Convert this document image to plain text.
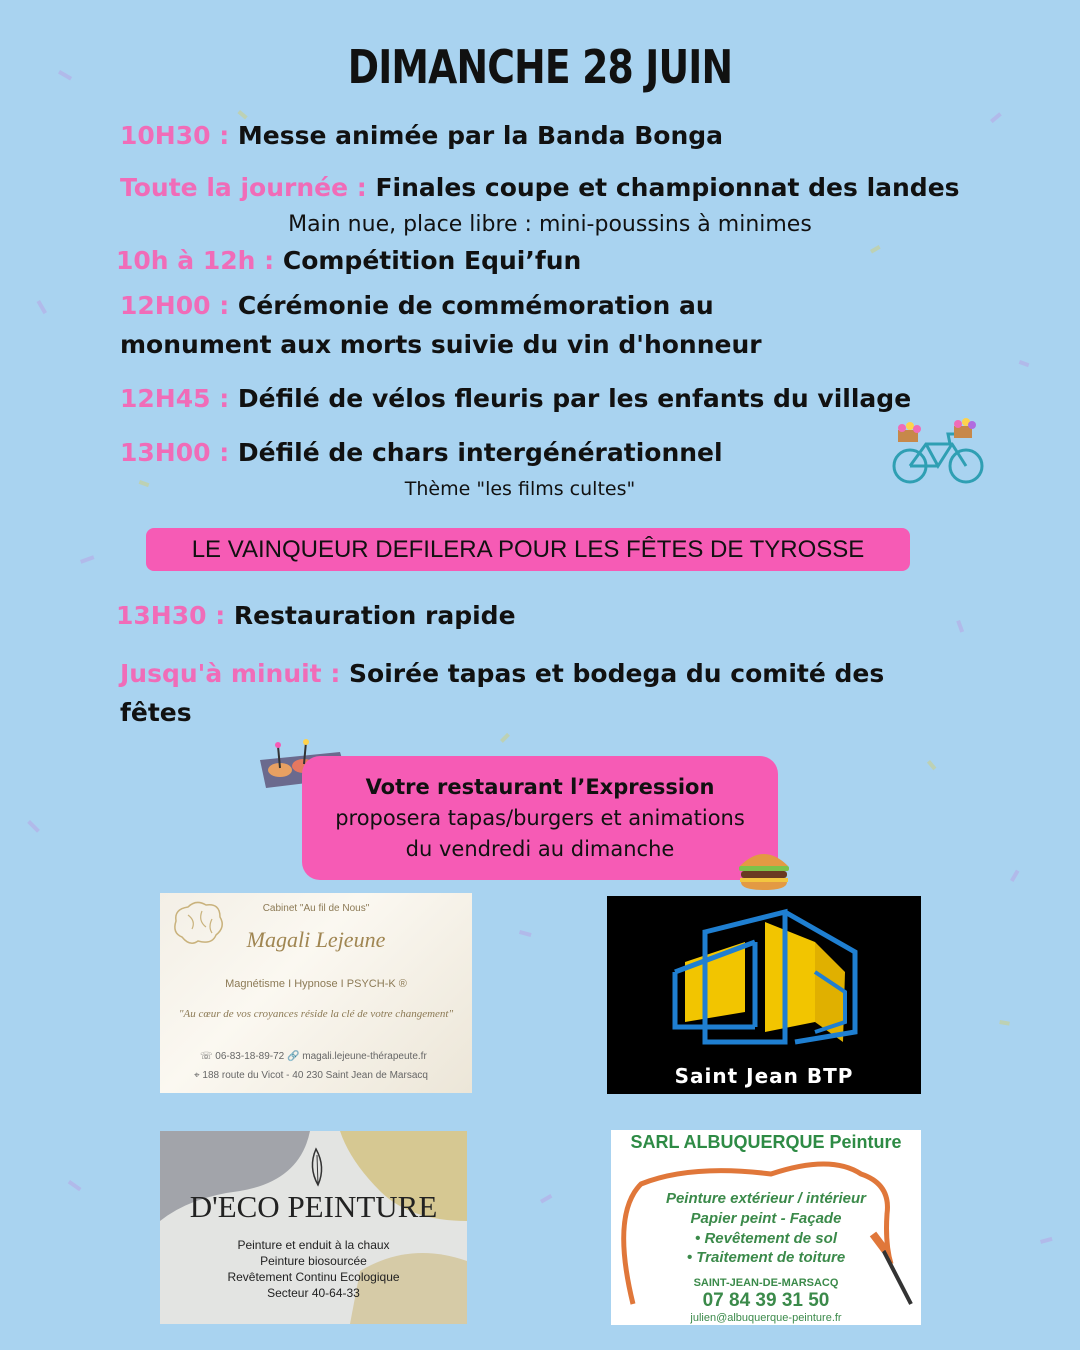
DIMANCHE 28 JUIN
10H30 : Messe animée par la Banda Bonga
Toute la journée : Finales coupe et championnat des landes
Main nue, place libre : mini-poussins à minimes
10h à 12h : Compétition Equi’fun
12H00 : Cérémonie de commémoration au
monument aux morts suivie du vin d'honneur
12H45 : Défilé de vélos fleuris par les enfants du village
13H00 : Défilé de chars intergénérationnel
Thème "les films cultes"
LE VAINQUEUR DEFILERA POUR LES FÊTES DE TYROSSE
13H30 : Restauration rapide
Jusqu'à minuit : Soirée tapas et bodega du comité des
fêtes
Votre restaurant l’Expression
proposera tapas/burgers et animations
du vendredi au dimanche
Cabinet "Au fil de Nous"
Magali Lejeune
Magnétisme I Hypnose I PSYCH-K ®
"Au cœur de vos croyances réside la clé de votre changement"
☏ 06-83-18-89-72 🔗 magali.lejeune-thérapeute.fr
⌖ 188 route du Vicot - 40 230 Saint Jean de Marsacq	Saint Jean BTP
D'ECO PEINTURE
Peinture et enduit à la chaux
Peinture biosourcée
Revêtement Continu Ecologique
Secteur 40-64-33
SARL ALBUQUERQUE Peinture
Peinture extérieur / intérieur
Papier peint - Façade
• Revêtement de sol
• Traitement de toiture
SAINT-JEAN-DE-MARSACQ
07 84 39 31 50
julien@albuquerque-peinture.fr
